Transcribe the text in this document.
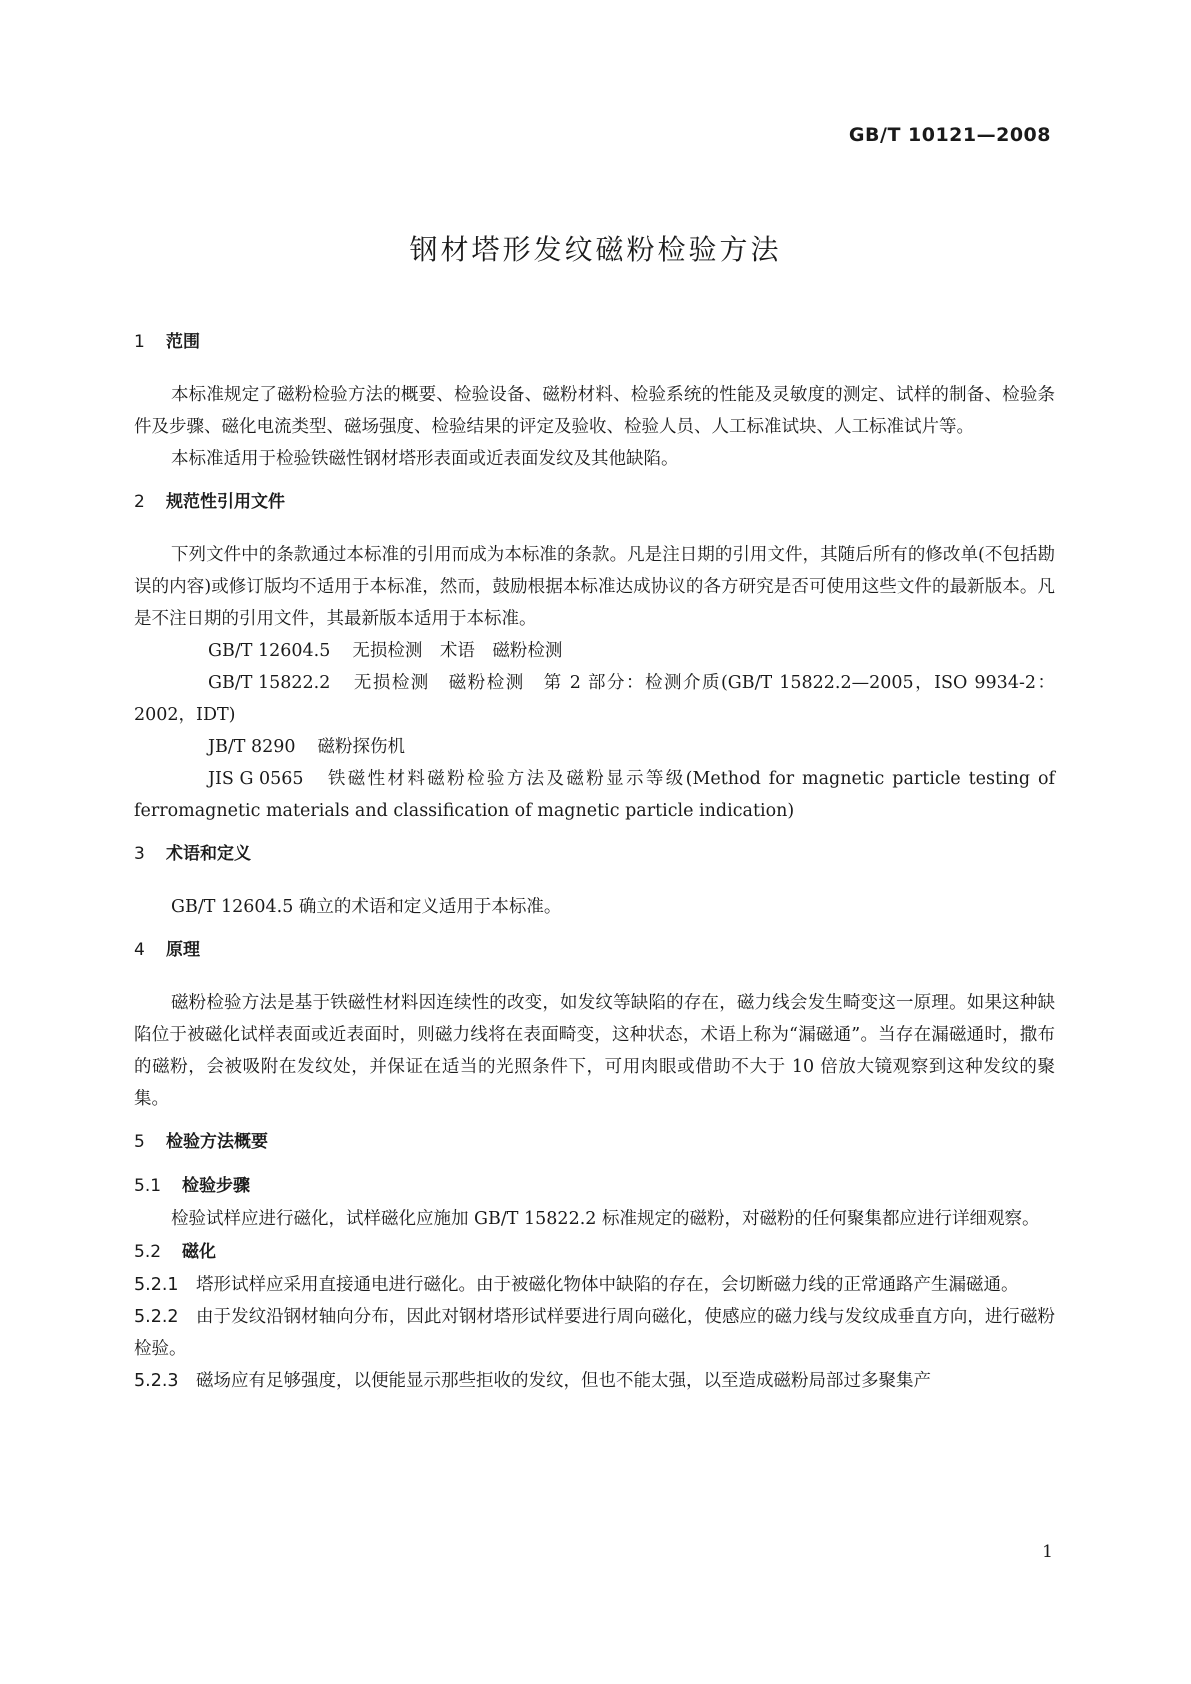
GB/T 10121—2008
钢材塔形发纹磁粉检验方法
1 范围

本标准规定了磁粉检验方法的概要、检验设备、磁粉材料、检验系统的性能及灵敏度的测定、试样的制备、检验条件及步骤、磁化电流类型、磁场强度、检验结果的评定及验收、检验人员、人工标准试块、人工标准试片等。

本标准适用于检验铁磁性钢材塔形表面或近表面发纹及其他缺陷。

2 规范性引用文件

下列文件中的条款通过本标准的引用而成为本标准的条款。凡是注日期的引用文件，其随后所有的修改单(不包括勘误的内容)或修订版均不适用于本标准，然而，鼓励根据本标准达成协议的各方研究是否可使用这些文件的最新版本。凡是不注日期的引用文件，其最新版本适用于本标准。

GB/T 12604.5 无损检测　术语　磁粉检测

GB/T 15822.2 无损检测　磁粉检测　第 2 部分：检测介质(GB/T 15822.2—2005，ISO 9934-2：2002，IDT)

JB/T 8290 磁粉探伤机

JIS G 0565 铁磁性材料磁粉检验方法及磁粉显示等级(Method for magnetic particle testing of ferromagnetic materials and classification of magnetic particle indication)

3 术语和定义

GB/T 12604.5 确立的术语和定义适用于本标准。

4 原理

磁粉检验方法是基于铁磁性材料因连续性的改变，如发纹等缺陷的存在，磁力线会发生畸变这一原理。如果这种缺陷位于被磁化试样表面或近表面时，则磁力线将在表面畸变，这种状态，术语上称为“漏磁通”。当存在漏磁通时，撒布的磁粉，会被吸附在发纹处，并保证在适当的光照条件下，可用肉眼或借助不大于 10 倍放大镜观察到这种发纹的聚集。

5 检验方法概要
5.1 检验步骤

检验试样应进行磁化，试样磁化应施加 GB/T 15822.2 标准规定的磁粉，对磁粉的任何聚集都应进行详细观察。

5.2 磁化

5.2.1 塔形试样应采用直接通电进行磁化。由于被磁化物体中缺陷的存在，会切断磁力线的正常通路产生漏磁通。

5.2.2 由于发纹沿钢材轴向分布，因此对钢材塔形试样要进行周向磁化，使感应的磁力线与发纹成垂直方向，进行磁粉检验。

5.2.3 磁场应有足够强度，以便能显示那些拒收的发纹，但也不能太强，以至造成磁粉局部过多聚集产

1
